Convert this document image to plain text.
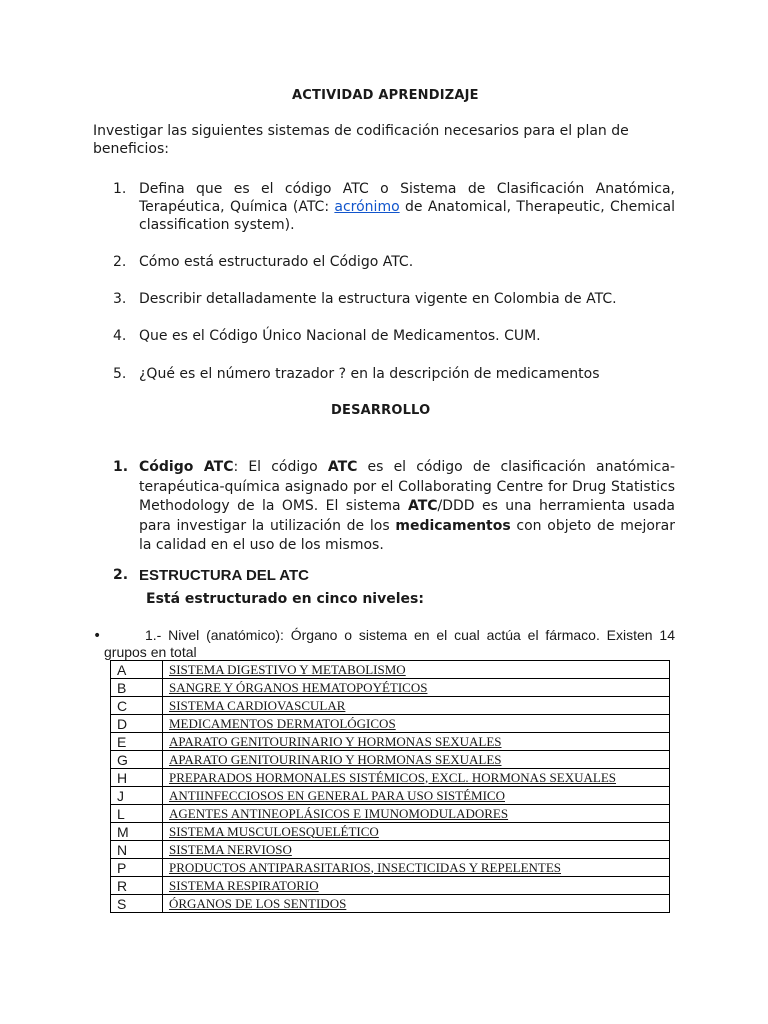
ACTIVIDAD APRENDIZAJE
Investigar las siguientes sistemas de codificación necesarios para el plan de beneficios:
1. Defina que es el código ATC o Sistema de Clasificación Anatómica, Terapéutica, Química (ATC: acrónimo de Anatomical, Therapeutic, Chemical classification system).
2. Cómo está estructurado el Código ATC.
3. Describir detalladamente la estructura vigente en Colombia de ATC.
4. Que es el Código Único Nacional de Medicamentos. CUM.
5. ¿Qué es el número trazador ? en la descripción de medicamentos
DESARROLLO
1. Código ATC: El código ATC es el código de clasificación anatómica-terapéutica-química asignado por el Collaborating Centre for Drug Statistics Methodology de la OMS. El sistema ATC/DDD es una herramienta usada para investigar la utilización de los medicamentos con objeto de mejorar la calidad en el uso de los mismos.
2. ESTRUCTURA DEL ATC
Está estructurado en cinco niveles:
•	1.- Nivel (anatómico): Órgano o sistema en el cual actúa el fármaco. Existen 14 grupos en total
A	SISTEMA DIGESTIVO Y METABOLISMO
B	SANGRE Y ÓRGANOS HEMATOPOYÉTICOS
C	SISTEMA CARDIOVASCULAR
D	MEDICAMENTOS DERMATOLÓGICOS
E	APARATO GENITOURINARIO Y HORMONAS SEXUALES
G	APARATO GENITOURINARIO Y HORMONAS SEXUALES
H	PREPARADOS HORMONALES SISTÉMICOS, EXCL. HORMONAS SEXUALES
J	ANTIINFECCIOSOS EN GENERAL PARA USO SISTÉMICO
L	AGENTES ANTINEOPLÁSICOS E IMUNOMODULADORES
M	SISTEMA MUSCULOESQUELÉTICO
N	SISTEMA NERVIOSO
P	PRODUCTOS ANTIPARASITARIOS, INSECTICIDAS Y REPELENTES
R	SISTEMA RESPIRATORIO
S	ÓRGANOS DE LOS SENTIDOS
